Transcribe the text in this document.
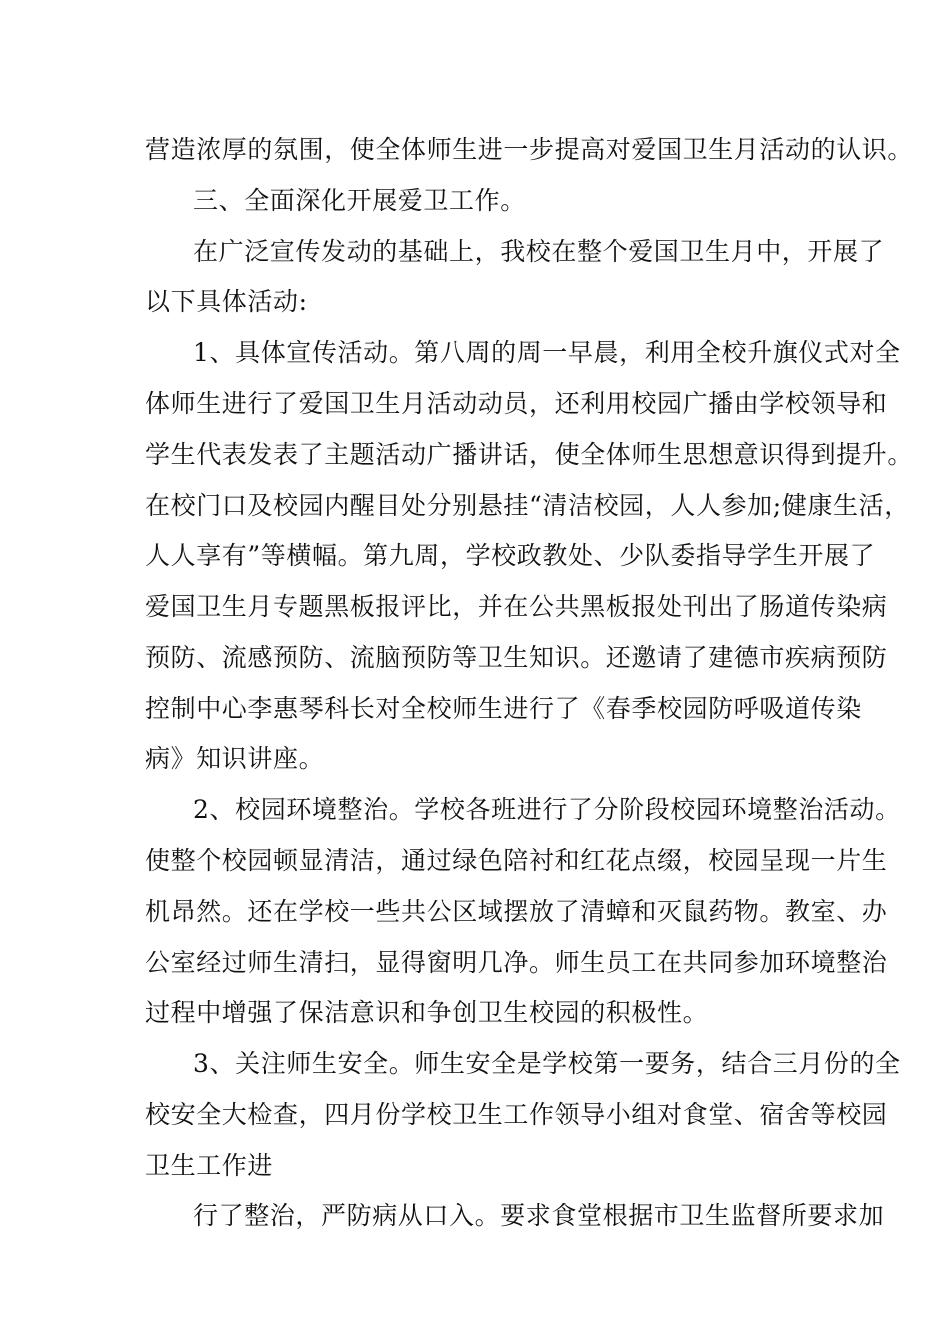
营造浓厚的氛围，使全体师生进一步提高对爱国卫生月活动的认识。
三、全面深化开展爱卫工作。
在广泛宣传发动的基础上，我校在整个爱国卫生月中，开展了
以下具体活动:
1、具体宣传活动。第八周的周一早晨，利用全校升旗仪式对全
体师生进行了爱国卫生月活动动员，还利用校园广播由学校领导和
学生代表发表了主题活动广播讲话，使全体师生思想意识得到提升。
在校门口及校园内醒目处分别悬挂“清洁校园，人人参加;健康生活，
人人享有”等横幅。第九周，学校政教处、少队委指导学生开展了
爱国卫生月专题黑板报评比，并在公共黑板报处刊出了肠道传染病
预防、流感预防、流脑预防等卫生知识。还邀请了建德市疾病预防
控制中心李惠琴科长对全校师生进行了《春季校园防呼吸道传染
病》知识讲座。
2、校园环境整治。学校各班进行了分阶段校园环境整治活动。
使整个校园顿显清洁，通过绿色陪衬和红花点缀，校园呈现一片生
机昂然。还在学校一些共公区域摆放了清蟑和灭鼠药物。教室、办
公室经过师生清扫，显得窗明几净。师生员工在共同参加环境整治
过程中增强了保洁意识和争创卫生校园的积极性。
3、关注师生安全。师生安全是学校第一要务，结合三月份的全
校安全大检查，四月份学校卫生工作领导小组对食堂、宿舍等校园
卫生工作进
行了整治，严防病从口入。要求食堂根据市卫生监督所要求加
